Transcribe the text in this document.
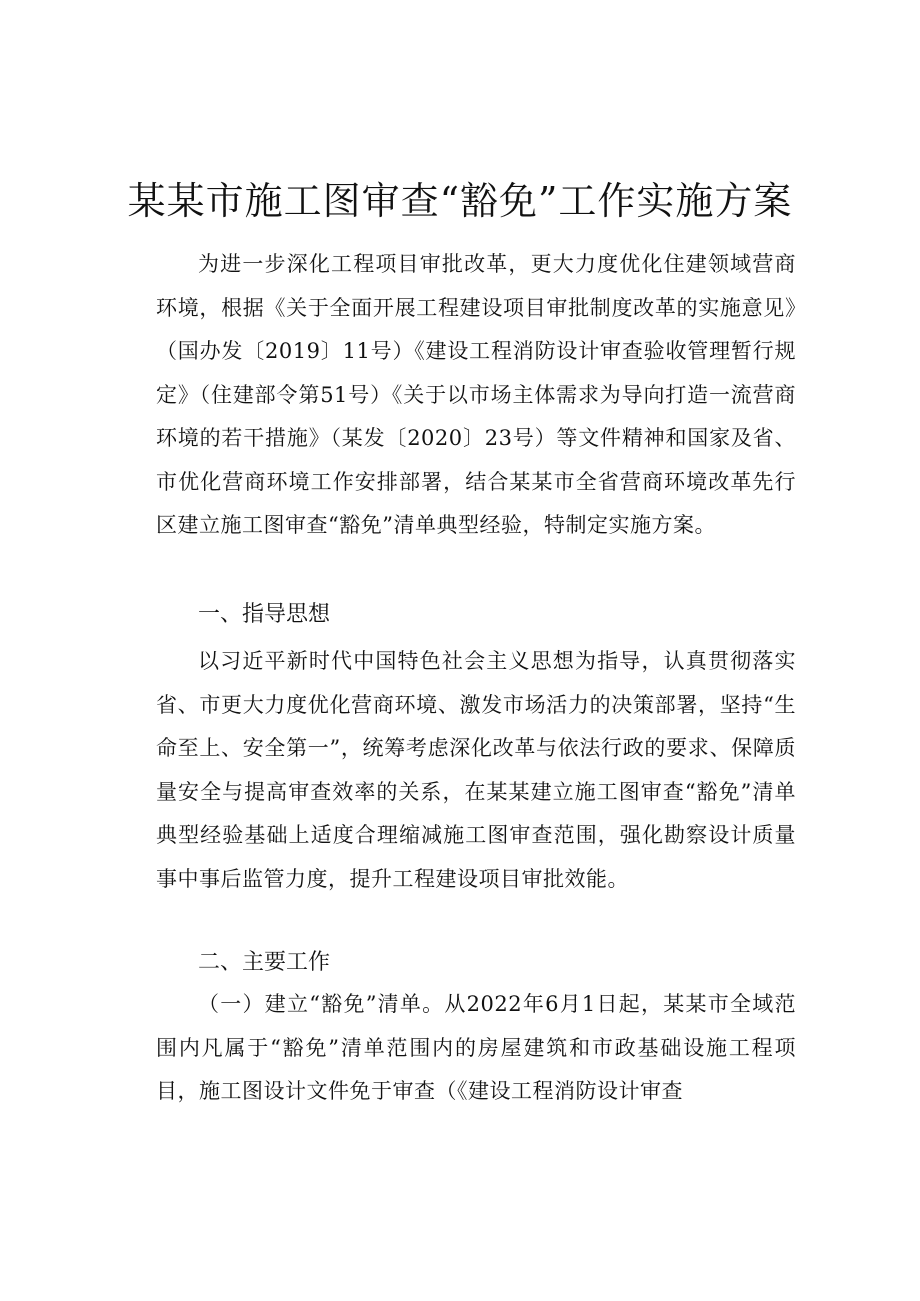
某某市施工图审查“豁免”工作实施方案

为进一步深化工程项目审批改革，更大力度优化住建领域营商环境，根据《关于全面开展工程建设项目审批制度改革的实施意见》（国办发〔2019〕11号）《建设工程消防设计审查验收管理暂行规定》（住建部令第51号）《关于以市场主体需求为导向打造一流营商环境的若干措施》（某发〔2020〕23号）等文件精神和国家及省、市优化营商环境工作安排部署，结合某某市全省营商环境改革先行区建立施工图审查“豁免”清单典型经验，特制定实施方案。

一、指导思想

以习近平新时代中国特色社会主义思想为指导，认真贯彻落实省、市更大力度优化营商环境、激发市场活力的决策部署，坚持“生命至上、安全第一”，统筹考虑深化改革与依法行政的要求、保障质量安全与提高审查效率的关系，在某某建立施工图审查“豁免”清单典型经验基础上适度合理缩减施工图审查范围，强化勘察设计质量事中事后监管力度，提升工程建设项目审批效能。

二、主要工作

（一）建立“豁免”清单。从2022年6月1日起，某某市全域范围内凡属于“豁免”清单范围内的房屋建筑和市政基础设施工程项目，施工图设计文件免于审查（《建设工程消防设计审查
